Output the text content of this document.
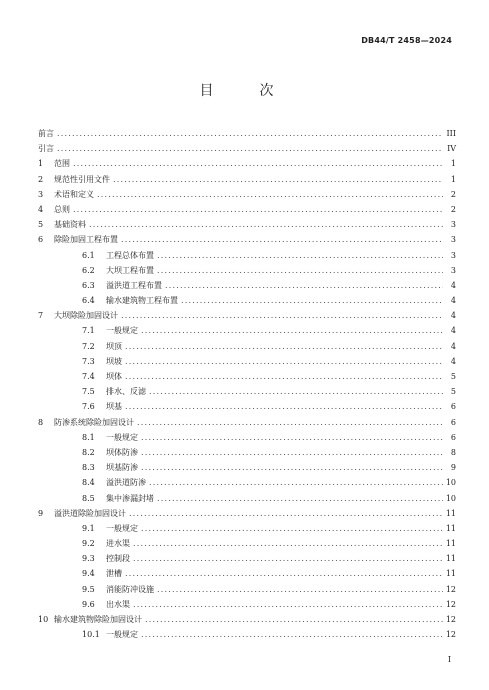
DB44/T 2458—2024
目　次
前言 .....	III
引言 .....	IV
1	范围 .....	1
2	规范性引用文件 .....	1
3	术语和定义 .....	2
4	总则 .....	2
5	基础资料 .....	3
6	除险加固工程布置 .....	3
6.1	工程总体布置 .....	3
6.2	大坝工程布置 .....	3
6.3	溢洪道工程布置 .....	4
6.4	输水建筑物工程布置 .....	4
7	大坝除险加固设计 .....	4
7.1	一般规定 .....	4
7.2	坝顶 .....	4
7.3	坝坡 .....	4
7.4	坝体 .....	5
7.5	排水、反滤 .....	5
7.6	坝基 .....	6
8	防渗系统除险加固设计 .....	6
8.1	一般规定 .....	6
8.2	坝体防渗 .....	8
8.3	坝基防渗 .....	9
8.4	溢洪道防渗 .....	10
8.5	集中渗漏封堵 .....	10
9	溢洪道除险加固设计 .....	11
9.1	一般规定 .....	11
9.2	进水渠 .....	11
9.3	控制段 .....	11
9.4	泄槽 .....	11
9.5	消能防冲设施 .....	12
9.6	出水渠 .....	12
10 输水建筑物除险加固设计 .....	12
10.1 一般规定 .....	12
I
